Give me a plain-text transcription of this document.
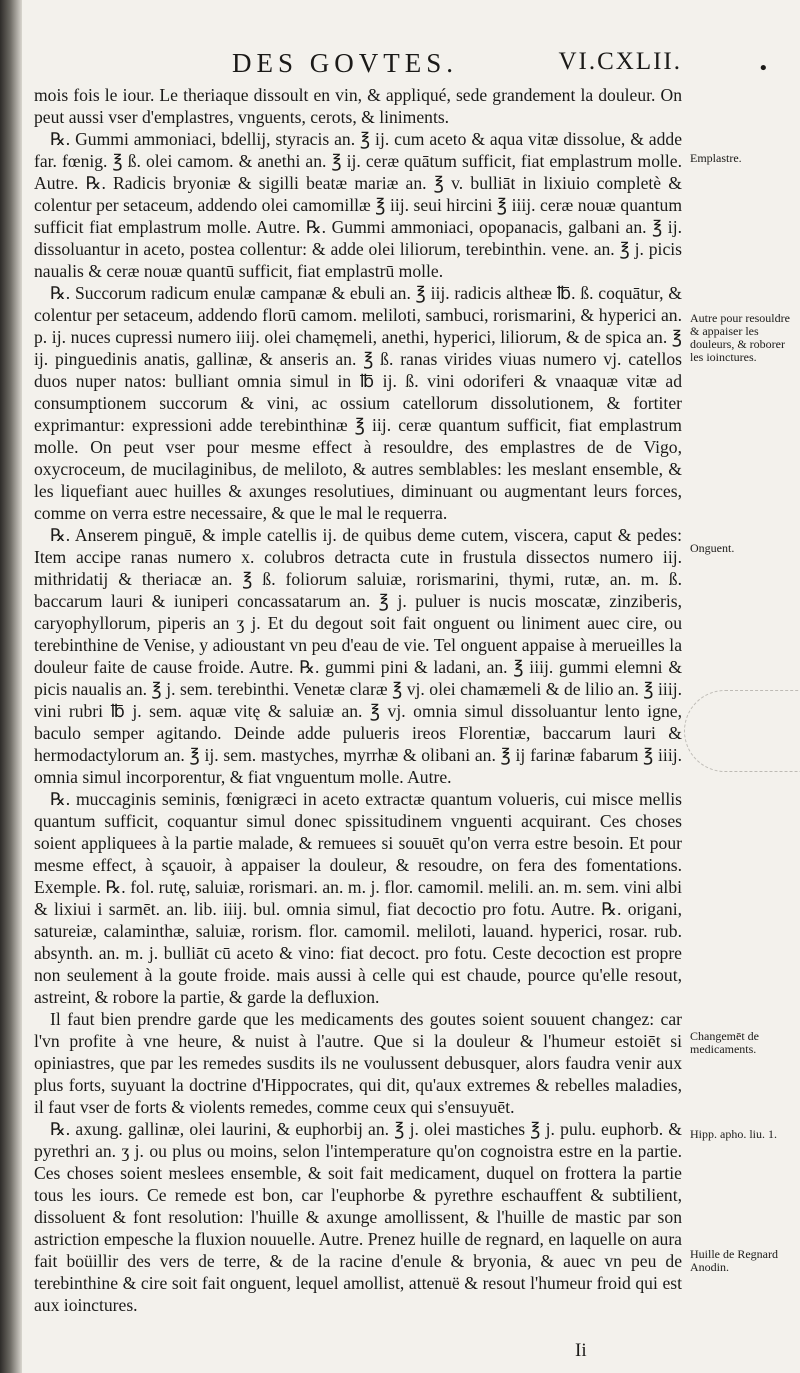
DES GOVTES.	VI.CXLII.	•

mois fois le iour. Le theriaque dissoult en vin, & appliqué, sede grandement la douleur. On peut aussi vser d'emplastres, vnguents, cerots, & liniments.

℞. Gummi ammoniaci, bdellij, styracis an. ℥ ij. cum aceto & aqua vitæ dissolue, & adde far. fœnig. ℥ ß. olei camom. & anethi an. ℥ ij. ceræ quātum sufficit, fiat emplastrum molle. Autre. ℞. Radicis bryoniæ & sigilli beatæ mariæ an. ℥ v. bulliāt in lixiuio completè & colentur per setaceum, addendo olei camomillæ ℥ iij. seui hircini ℥ iiij. ceræ nouæ quantum sufficit fiat emplastrum molle. Autre. ℞. Gummi ammoniaci, opopanacis, galbani an. ℥ ij. dissoluantur in aceto, postea collentur: & adde olei liliorum, terebinthin. vene. an. ℥ j. picis naualis & ceræ nouæ quantū sufficit, fiat emplastrū molle.

℞. Succorum radicum enulæ campanæ & ebuli an. ℥ iij. radicis altheæ ℔. ß. coquātur, & colentur per setaceum, addendo florū camom. meliloti, sambuci, rorismarini, & hyperici an. p. ij. nuces cupressi numero iiij. olei chamęmeli, anethi, hyperici, liliorum, & de spica an. ℥ ij. pinguedinis anatis, gallinæ, & anseris an. ℥ ß. ranas virides viuas numero vj. catellos duos nuper natos: bulliant omnia simul in ℔ ij. ß. vini odoriferi & vnaaquæ vitæ ad consumptionem succorum & vini, ac ossium catellorum dissolutionem, & fortiter exprimantur: expressioni adde terebinthinæ ℥ iij. ceræ quantum sufficit, fiat emplastrum molle. On peut vser pour mesme effect à resouldre, des emplastres de de Vigo, oxycroceum, de mucilaginibus, de meliloto, & autres semblables: les meslant ensemble, & les liquefiant auec huilles & axunges resolutiues, diminuant ou augmentant leurs forces, comme on verra estre necessaire, & que le mal le requerra.

℞. Anserem pinguē, & imple catellis ij. de quibus deme cutem, viscera, caput & pedes: Item accipe ranas numero x. colubros detracta cute in frustula dissectos numero iij. mithridatij & theriacæ an. ℥ ß. foliorum saluiæ, rorismarini, thymi, rutæ, an. m. ß. baccarum lauri & iuniperi concassatarum an. ℥ j. puluer is nucis moscatæ, zinziberis, caryophyllorum, piperis an ʒ j. Et du degout soit fait onguent ou liniment auec cire, ou terebinthine de Venise, y adioustant vn peu d'eau de vie. Tel onguent appaise à merueilles la douleur faite de cause froide. Autre. ℞. gummi pini & ladani, an. ℥ iiij. gummi elemni & picis naualis an. ℥ j. sem. terebinthi. Venetæ claræ ℥ vj. olei chamæmeli & de lilio an. ℥ iiij. vini rubri ℔ j. sem. aquæ vitę & saluiæ an. ℥ vj. omnia simul dissoluantur lento igne, baculo semper agitando. Deinde adde pulueris ireos Florentiæ, baccarum lauri & hermodactylorum an. ℥ ij. sem. mastyches, myrrhæ & olibani an. ℥ ij farinæ fabarum ℥ iiij. omnia simul incorporentur, & fiat vnguentum molle. Autre.

℞. muccaginis seminis, fœnigræci in aceto extractæ quantum volueris, cui misce mellis quantum sufficit, coquantur simul donec spissitudinem vnguenti acquirant. Ces choses soient appliquees à la partie malade, & remuees si souuēt qu'on verra estre besoin. Et pour mesme effect, à sçauoir, à appaiser la douleur, & resoudre, on fera des fomentations. Exemple. ℞. fol. rutę, saluiæ, rorismari. an. m. j. flor. camomil. melili. an. m. sem. vini albi & lixiui i sarmēt. an. lib. iiij. bul. omnia simul, fiat decoctio pro fotu. Autre. ℞. origani, satureiæ, calaminthæ, saluiæ, rorism. flor. camomil. meliloti, lauand. hyperici, rosar. rub. absynth. an. m. j. bulliāt cū aceto & vino: fiat decoct. pro fotu. Ceste decoction est propre non seulement à la goute froide. mais aussi à celle qui est chaude, pource qu'elle resout, astreint, & robore la partie, & garde la defluxion.

Il faut bien prendre garde que les medicaments des goutes soient souuent changez: car l'vn profite à vne heure, & nuist à l'autre. Que si la douleur & l'humeur estoiēt si opiniastres, que par les remedes susdits ils ne voulussent debusquer, alors faudra venir aux plus forts, suyuant la doctrine d'Hippocrates, qui dit, qu'aux extremes & rebelles maladies, il faut vser de forts & violents remedes, comme ceux qui s'ensuyuēt.

℞. axung. gallinæ, olei laurini, & euphorbij an. ℥ j. olei mastiches ℥ j. pulu. euphorb. & pyrethri an. ʒ j. ou plus ou moins, selon l'intemperature qu'on cognoistra estre en la partie. Ces choses soient meslees ensemble, & soit fait medicament, duquel on frottera la partie tous les iours. Ce remede est bon, car l'euphorbe & pyrethre eschauffent & subtilient, dissoluent & font resolution: l'huille & axunge amollissent, & l'huille de mastic par son astriction empesche la fluxion nouuelle. Autre. Prenez huille de regnard, en laquelle on aura fait boüillir des vers de terre, & de la racine d'enule & bryonia, & auec vn peu de terebinthine & cire soit fait onguent, lequel amollist, attenuë & resout l'humeur froid qui est aux ioinctures.

Emplastre.
Autre pour resouldre & appaiser les douleurs, & roborer les ioinctures.
Onguent.
Changemēt de medicaments.
Hipp. apho. liu. 1.
Huille de Regnard Anodin.
Ii
